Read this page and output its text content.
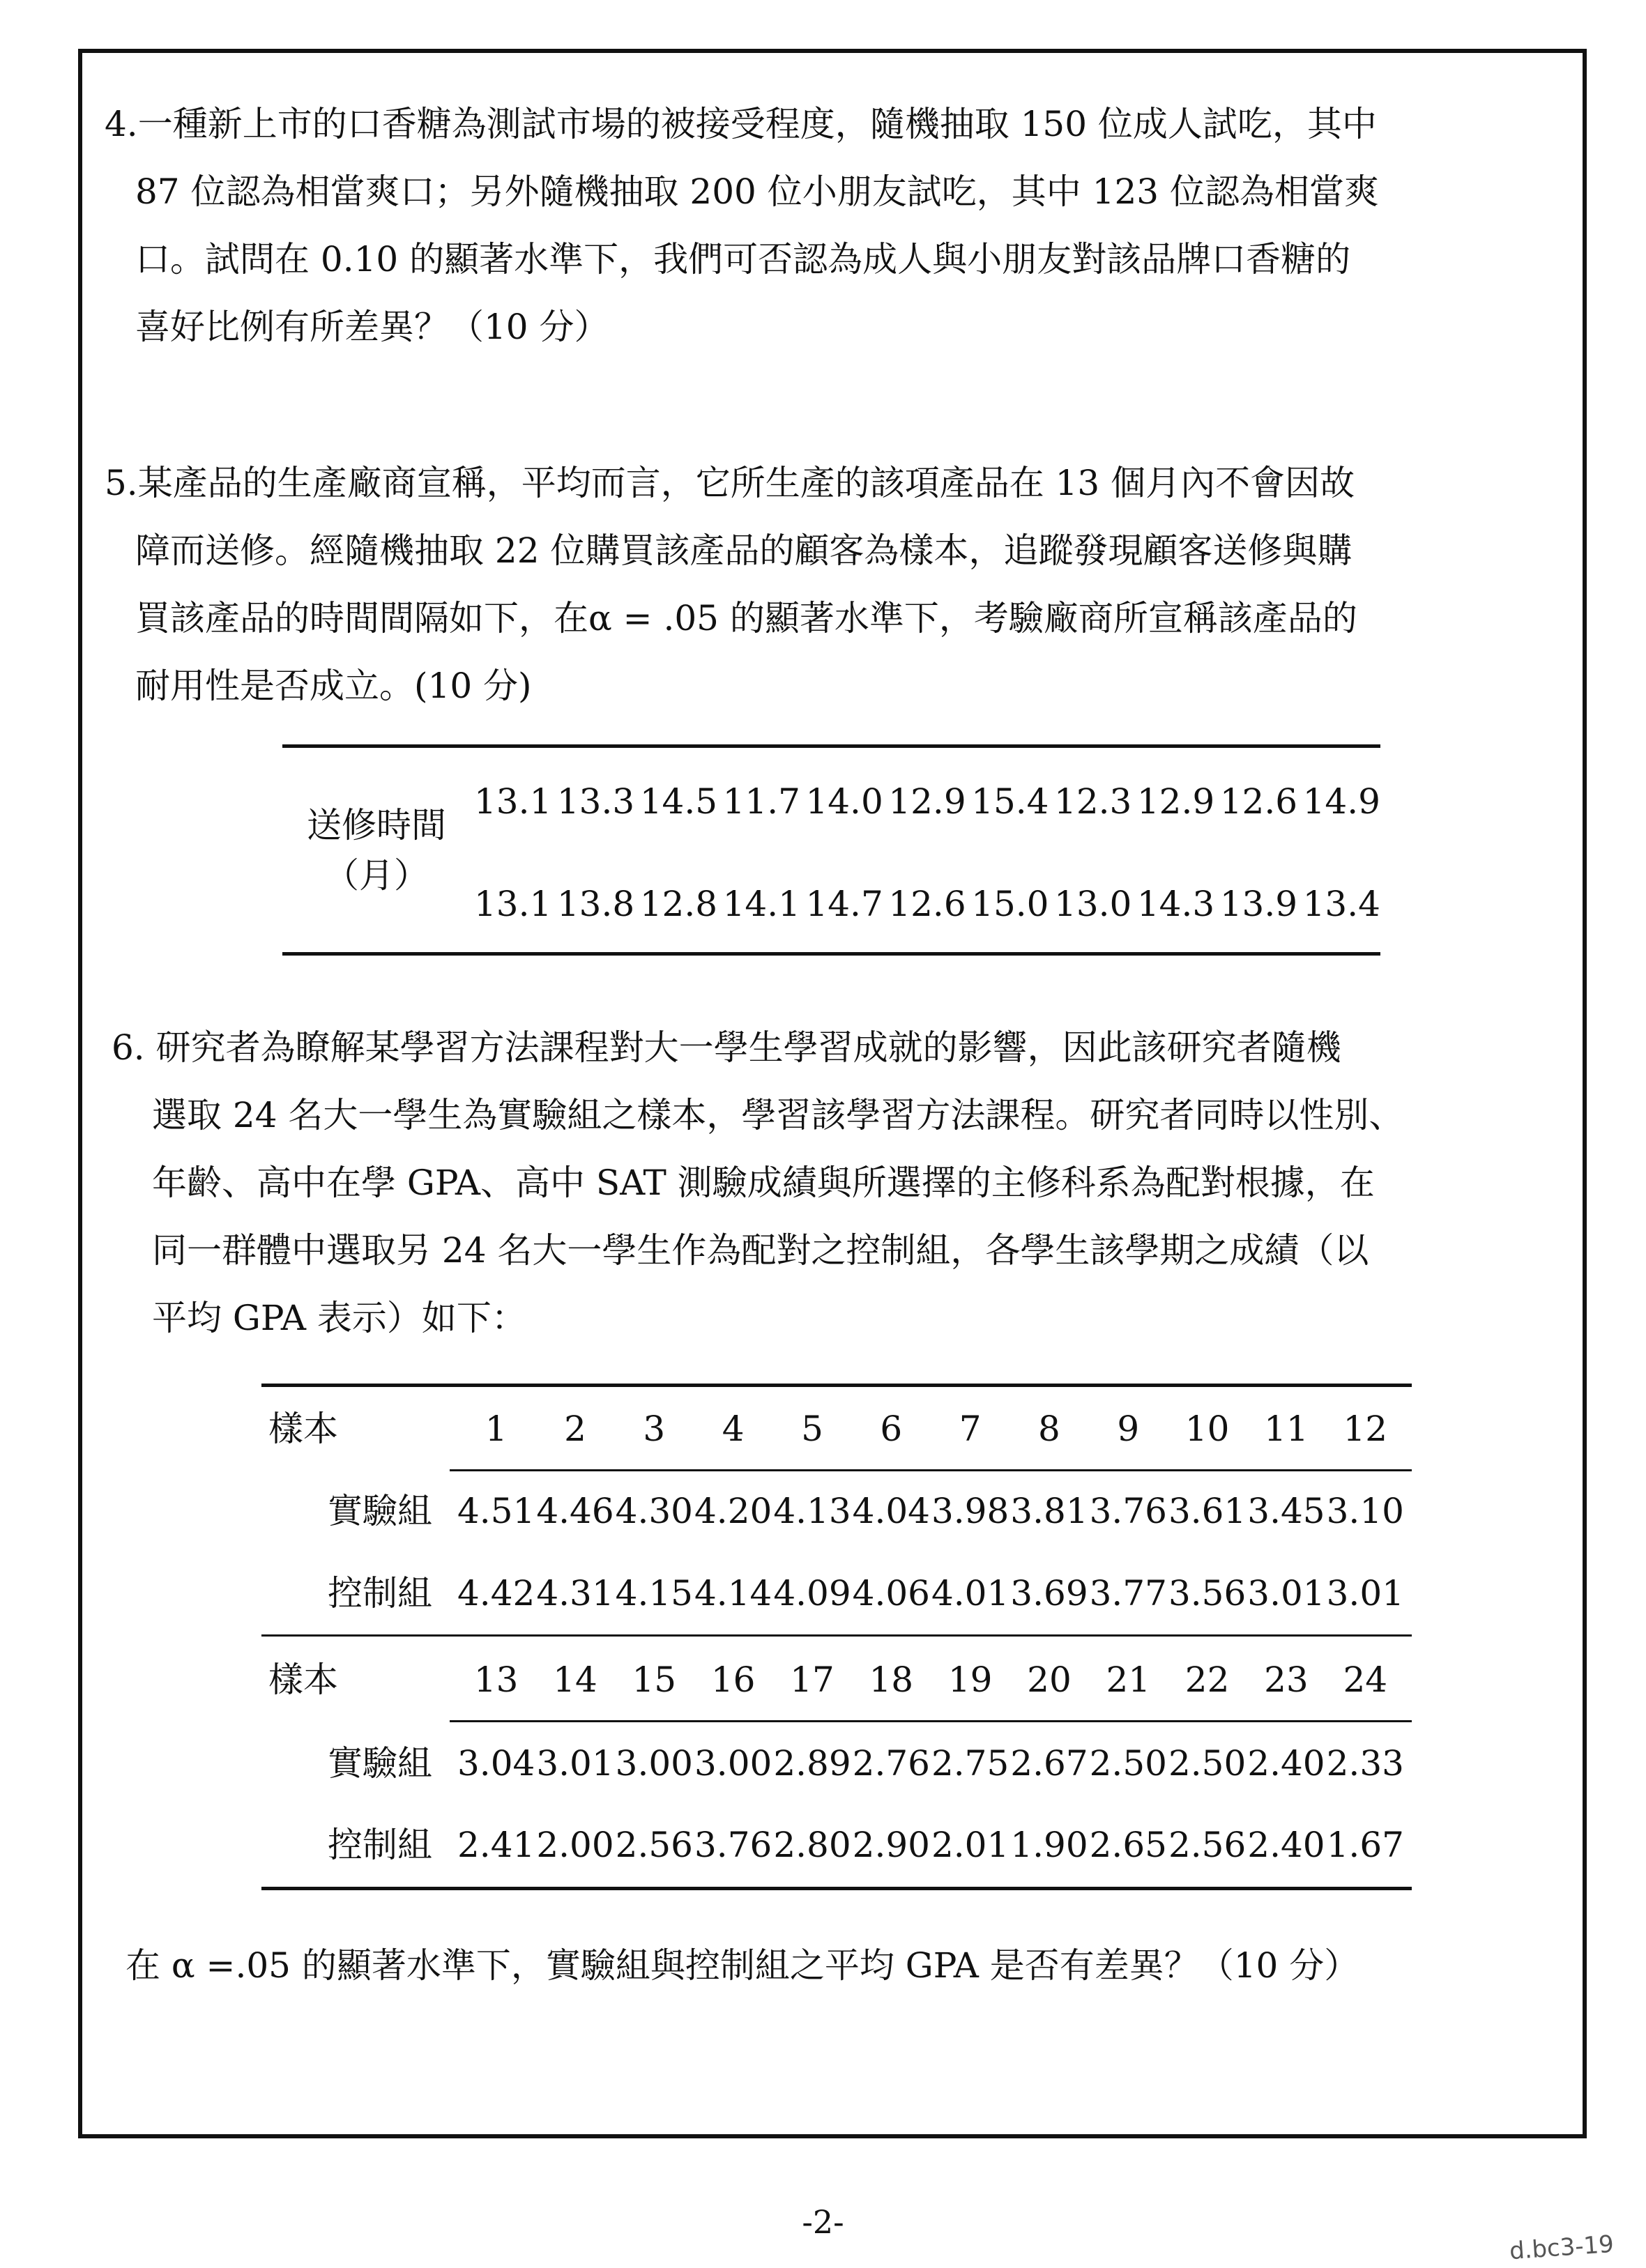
4.一種新上市的口香糖為測試市場的被接受程度，隨機抽取 150 位成人試吃，其中
87 位認為相當爽口；另外隨機抽取 200 位小朋友試吃，其中 123 位認為相當爽
口。試問在 0.10 的顯著水準下，我們可否認為成人與小朋友對該品牌口香糖的
喜好比例有所差異？（10 分）
5.某產品的生產廠商宣稱，平均而言，它所生產的該項產品在 13 個月內不會因故
障而送修。經隨機抽取 22 位購買該產品的顧客為樣本，追蹤發現顧客送修與購
買該產品的時間間隔如下，在α = .05 的顯著水準下，考驗廠商所宣稱該產品的
耐用性是否成立。(10 分)
送修時間
（月）
13.1 13.3 14.5 11.7 14.0 12.9 15.4 12.3 12.9 12.6 14.9
13.1 13.8 12.8 14.1 14.7 12.6 15.0 13.0 14.3 13.9 13.4
6. 研究者為瞭解某學習方法課程對大一學生學習成就的影響，因此該研究者隨機
選取 24 名大一學生為實驗組之樣本，學習該學習方法課程。研究者同時以性別、
年齡、高中在學 GPA、高中 SAT 測驗成績與所選擇的主修科系為配對根據，在
同一群體中選取另 24 名大一學生作為配對之控制組，各學生該學期之成績（以
平均 GPA 表示）如下：
樣本	1	2	3	4	5	6	7	8	9	10 11 12
實驗組 4.51 4.46 4.30 4.20 4.13 4.04 3.98 3.81 3.76 3.61 3.45 3.10
控制組 4.42 4.31 4.15 4.14 4.09 4.06 4.01 3.69 3.77 3.56 3.01 3.01
樣本	13 14 15 16 17 18 19 20 21 22 23 24
實驗組 3.04 3.01 3.00 3.00 2.89 2.76 2.75 2.67 2.50 2.50 2.40 2.33
控制組 2.41 2.00 2.56 3.76 2.80 2.90 2.01 1.90 2.65 2.56 2.40 1.67
在 α =.05 的顯著水準下，實驗組與控制組之平均 GPA 是否有差異？（10 分）
-2-
d.bc3-19
